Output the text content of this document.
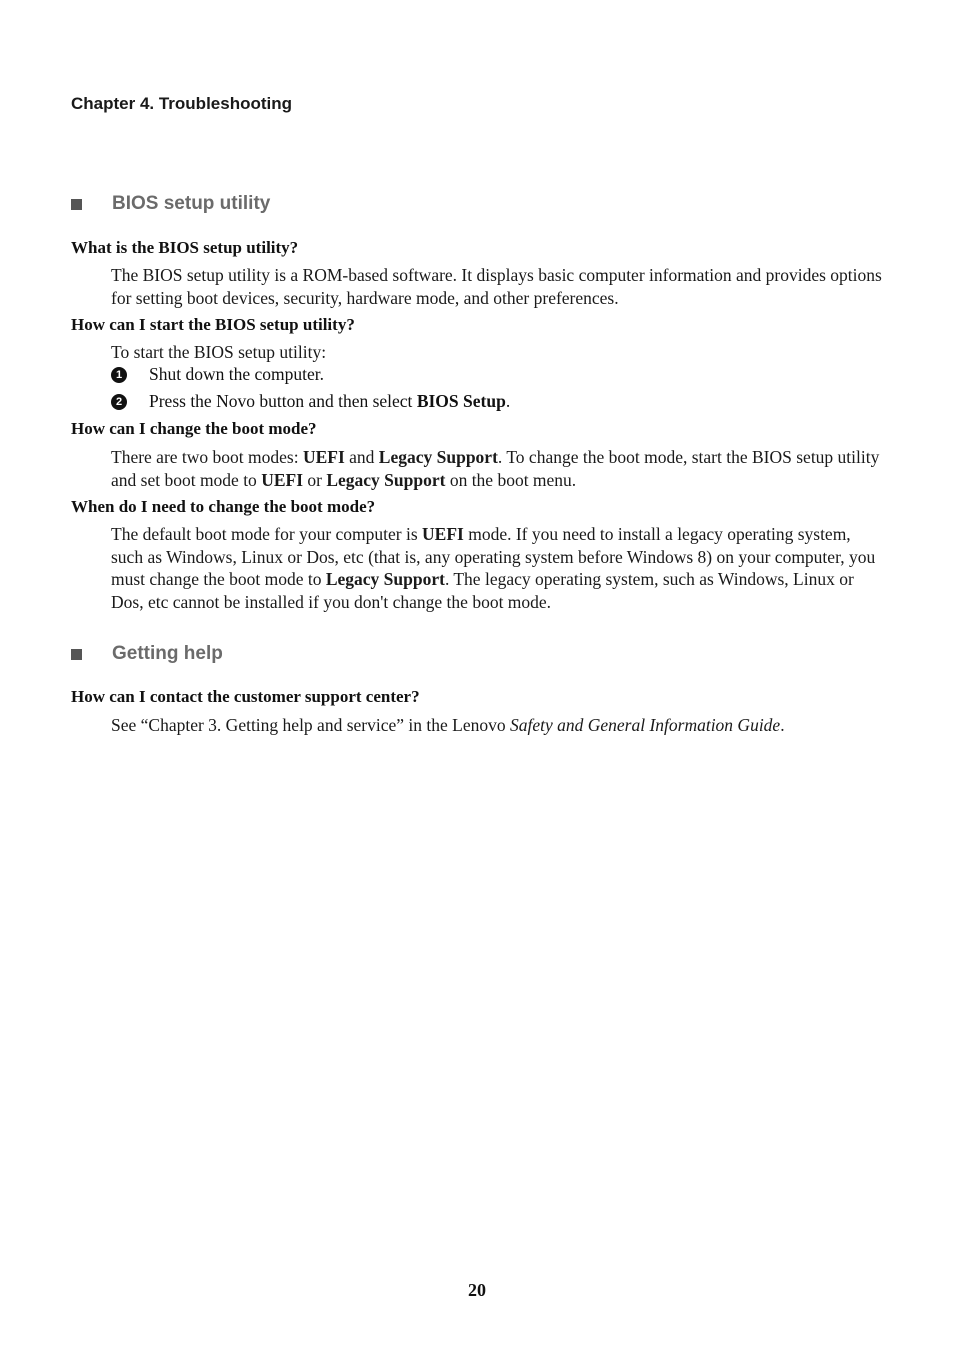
Chapter 4. Troubleshooting
BIOS setup utility
What is the BIOS setup utility?
The BIOS setup utility is a ROM-based software. It displays basic computer information and provides options for setting boot devices, security, hardware mode, and other preferences.
How can I start the BIOS setup utility?
To start the BIOS setup utility:
1 Shut down the computer.
2 Press the Novo button and then select BIOS Setup.
How can I change the boot mode?
There are two boot modes: UEFI and Legacy Support. To change the boot mode, start the BIOS setup utility and set boot mode to UEFI or Legacy Support on the boot menu.
When do I need to change the boot mode?
The default boot mode for your computer is UEFI mode. If you need to install a legacy operating system, such as Windows, Linux or Dos, etc (that is, any operating system before Windows 8) on your computer, you must change the boot mode to Legacy Support. The legacy operating system, such as Windows, Linux or Dos, etc cannot be installed if you don't change the boot mode.
Getting help
How can I contact the customer support center?
See “Chapter 3. Getting help and service” in the Lenovo Safety and General Information Guide.
20
